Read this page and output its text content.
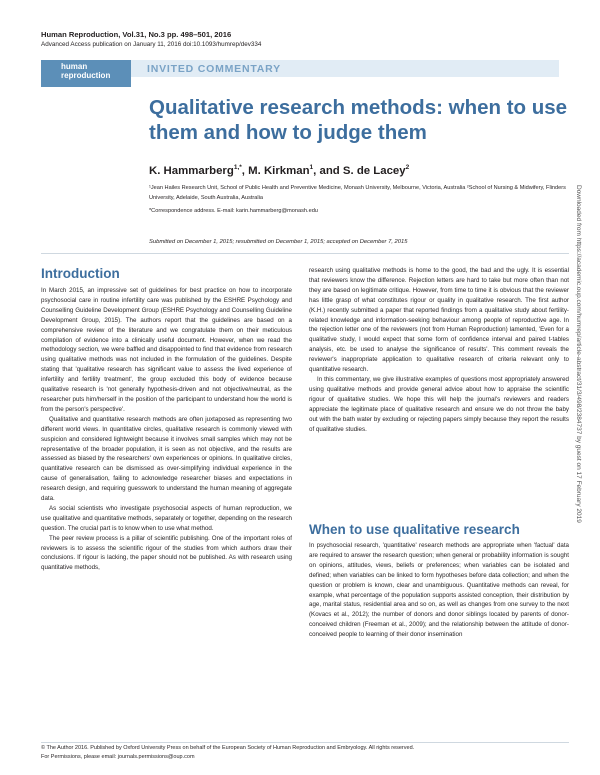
Human Reproduction, Vol.31, No.3 pp. 498–501, 2016
Advanced Access publication on January 11, 2016 doi:10.1093/humrep/dev334
human
reproduction	INVITED COMMENTARY
Qualitative research methods: when to use them and how to judge them
K. Hammarberg$^{1,*}$, M. Kirkman$^1$, and S. de Lacey$^2$
¹Jean Hailes Research Unit, School of Public Health and Preventive Medicine, Monash University, Melbourne, Victoria, Australia ²School of Nursing & Midwifery, Flinders University, Adelaide, South Australia, Australia
*Correspondence address. E-mail: karin.hammarberg@monash.edu
Submitted on December 1, 2015; resubmitted on December 1, 2015; accepted on December 7, 2015	Downloaded from https://academic.oup.com/humrep/article-abstract/31/3/498/2384737 by guest on 17 February 2019
Introduction

In March 2015, an impressive set of guidelines for best practice on how to incorporate psychosocial care in routine infertility care was published by the ESHRE Psychology and Counselling Guideline Development Group (ESHRE Psychology and Counselling Guideline Development Group, 2015). The authors report that the guidelines are based on a comprehensive review of the literature and we congratulate them on their meticulous compilation of evidence into a clinically useful document. However, when we read the methodology section, we were baffled and disappointed to find that evidence from research using qualitative methods was not included in the formulation of the guidelines. Despite stating that 'qualitative research has significant value to assess the lived experience of infertility and fertility treatment', the group excluded this body of evidence because qualitative research is 'not generally hypothesis-driven and not objective/neutral, as the researcher puts him/herself in the position of the participant to understand how the world is from the person's perspective'.

Qualitative and quantitative research methods are often juxtaposed as representing two different world views. In quantitative circles, qualitative research is commonly viewed with suspicion and considered lightweight because it involves small samples which may not be representative of the broader population, it is seen as not objective, and the results are assessed as biased by the researchers' own experiences or opinions. In qualitative circles, quantitative research can be dismissed as over-simplifying individual experience in the cause of generalisation, failing to acknowledge researcher biases and expectations in research design, and requiring guesswork to understand the human meaning of aggregate data.

As social scientists who investigate psychosocial aspects of human reproduction, we use qualitative and quantitative methods, separately or together, depending on the research question. The crucial part is to know when to use what method.

The peer review process is a pillar of scientific publishing. One of the important roles of reviewers is to assess the scientific rigour of the studies from which authors draw their conclusions. If rigour is lacking, the paper should not be published. As with research using quantitative methods,

research using qualitative methods is home to the good, the bad and the ugly. It is essential that reviewers know the difference. Rejection letters are hard to take but more often than not they are based on legitimate critique. However, from time to time it is obvious that the reviewer has little grasp of what constitutes rigour or quality in qualitative research. The first author (K.H.) recently submitted a paper that reported findings from a qualitative study about fertility-related knowledge and information-seeking behaviour among people of reproductive age. In the rejection letter one of the reviewers (not from Human Reproduction) lamented, 'Even for a qualitative study, I would expect that some form of confidence interval and paired t-tables analysis, etc. be used to analyse the significance of results'. This comment reveals the reviewer's inappropriate application to qualitative research of criteria relevant only to quantitative research.

In this commentary, we give illustrative examples of questions most appropriately answered using qualitative methods and provide general advice about how to appraise the scientific rigour of qualitative studies. We hope this will help the journal's reviewers and readers appreciate the legitimate place of qualitative research and ensure we do not throw the baby out with the bath water by excluding or rejecting papers simply because they report the results of qualitative studies.

When to use qualitative research

In psychosocial research, 'quantitative' research methods are appropriate when 'factual' data are required to answer the research question; when general or probability information is sought on opinions, attitudes, views, beliefs or preferences; when variables can be isolated and defined; when variables can be linked to form hypotheses before data collection; and when the question or problem is known, clear and unambiguous. Quantitative methods can reveal, for example, what percentage of the population supports assisted conception, their distribution by age, marital status, residential area and so on, as well as changes from one survey to the next (Kovacs et al., 2012); the number of donors and donor siblings located by parents of donor-conceived children (Freeman et al., 2009); and the relationship between the attitude of donor-conceived people to learning of their donor insemination

© The Author 2016. Published by Oxford University Press on behalf of the European Society of Human Reproduction and Embryology. All rights reserved.
For Permissions, please email: journals.permissions@oup.com
